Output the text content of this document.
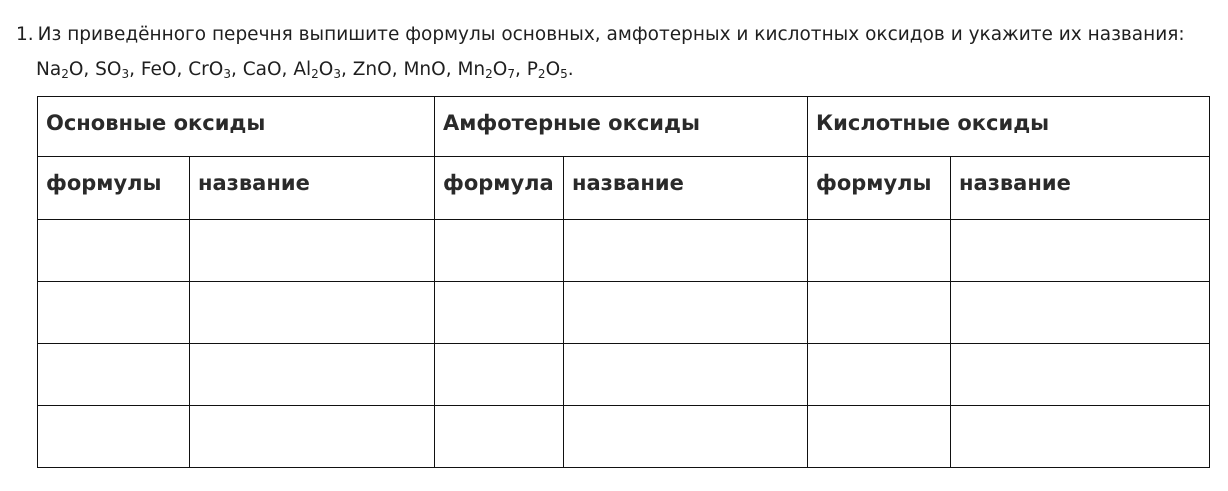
1. Из приведённого перечня выпишите формулы основных, амфотерных и кислотных оксидов и укажите их названия:
$Na_2O$, $SO_3$, FeO, CrO$_3$, CaO, $Al_2O_3$, ZnO, MnO, $Mn_2O_7$, $P_2O_5$.
Основные оксиды		Амфотерные оксиды		Кислотные оксиды	
формулы	название	формула	название	формулы	название
